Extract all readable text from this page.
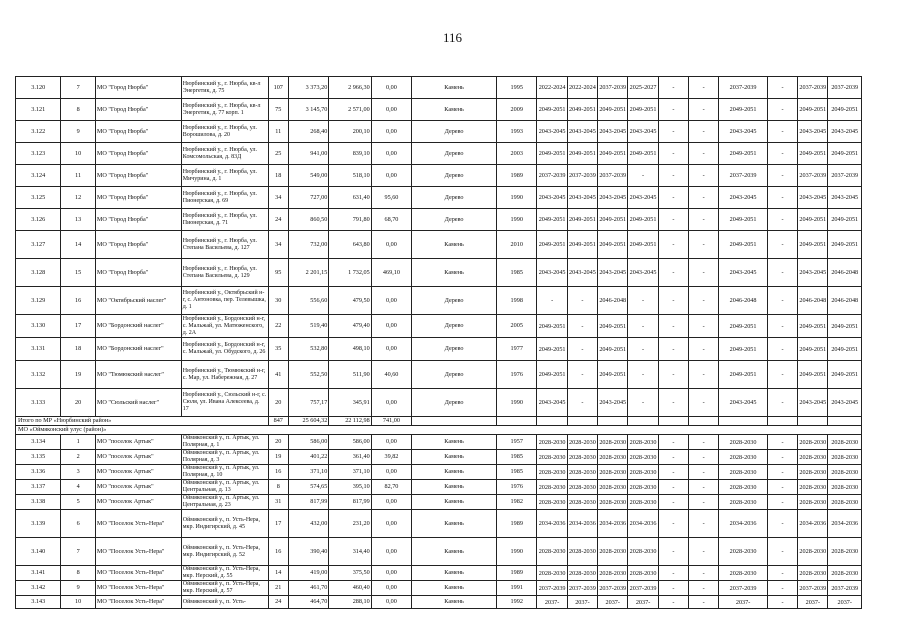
116
3.120	7	МО "Город Нюрба"	Нюрбинский у., г. Нюрба, кв-л Энергетик, д. 75	107	3 373,20	2 966,30	0,00	Камень	1995	2022-2024	2022-2024	2037-2039	2025-2027	-	-	2037-2039	-	2037-2039	2037-2039
3.121	8	МО "Город Нюрба"	Нюрбинский у., г. Нюрба, кв-л Энергетик, д. 77 корп. 1	75	3 145,70	2 571,00	0,00	Камень	2009	2049-2051	2049-2051	2049-2051	2049-2051	-	-	2049-2051	-	2049-2051	2049-2051
3.122	9	МО "Город Нюрба"	Нюрбинский у., г. Нюрба, ул. Ворошилова, д. 20	11	268,40	200,10	0,00	Дерево	1993	2043-2045	2043-2045	2043-2045	2043-2045	-	-	2043-2045	-	2043-2045	2043-2045
3.123	10	МО "Город Нюрба"	Нюрбинский у., г. Нюрба, ул. Комсомольская, д. 83Д	25	941,00	839,10	0,00	Дерево	2003	2049-2051	2049-2051	2049-2051	2049-2051	-	-	2049-2051	-	2049-2051	2049-2051
3.124	11	МО "Город Нюрба"	Нюрбинский у., г. Нюрба, ул. Мичурина, д. 1	18	549,00	518,10	0,00	Дерево	1989	2037-2039	2037-2039	2037-2039	-	-	-	2037-2039	-	2037-2039	2037-2039
3.125	12	МО "Город Нюрба"	Нюрбинский у., г. Нюрба, ул. Пионерская, д. 69	34	727,00	631,40	95,60	Дерево	1990	2043-2045	2043-2045	2043-2045	2043-2045	-	-	2043-2045	-	2043-2045	2043-2045
3.126	13	МО "Город Нюрба"	Нюрбинский у., г. Нюрба, ул. Пионерская, д. 71	24	860,50	791,80	68,70	Дерево	1990	2049-2051	2049-2051	2049-2051	2049-2051	-	-	2049-2051	-	2049-2051	2049-2051
3.127	14	МО "Город Нюрба"	Нюрбинский у., г. Нюрба, ул. Степана Васильева, д. 127	34	732,00	643,80	0,00	Камень	2010	2049-2051	2049-2051	2049-2051	2049-2051	-	-	2049-2051	-	2049-2051	2049-2051
3.128	15	МО "Город Нюрба"	Нюрбинский у., г. Нюрба, ул. Степана Васильева, д. 129	95	2 201,15	1 732,05	469,10	Камень	1985	2043-2045	2043-2045	2043-2045	2043-2045	-	-	2043-2045	-	2043-2045	2046-2048
3.129	16	МО "Октябрьский наслег"	Нюрбинский у., Октябрьский н-г, с. Антоновка, пер. Телевышка, д. 1	30	556,60	479,50	0,00	Дерево	1998	-	-	2046-2048	-	-	-	2046-2048	-	2046-2048	2046-2048
3.130	17	МО "Бордонский наслег"	Нюрбинский у., Бордонский н-г, с. Мальжай, ул. Матюженского, д. 2А	22	519,40	479,40	0,00	Дерево	2005	2049-2051	-	2049-2051	-	-	-	2049-2051	-	2049-2051	2049-2051
3.131	18	МО "Бордонский наслег"	Нюрбинский у., Бордонский н-г, с. Мальжай, ул. Обудского, д. 26	35	532,80	498,10	0,00	Дерево	1977	2049-2051	-	2049-2051	-	-	-	2049-2051	-	2049-2051	2049-2051
3.132	19	МО "Тюмюкский наслег"	Нюрбинский у., Тюмюкский н-г, с. Мар, ул. Набережная, д. 27	41	552,50	511,90	40,60	Дерево	1976	2049-2051	-	2049-2051	-	-	-	2049-2051	-	2049-2051	2049-2051
3.133	20	МО "Сюльский наслег"	Нюрбинский у., Сюльский н-г, с. Сюля, ул. Ивана Алексеева, д. 17	20	757,17	345,91	0,00	Дерево	1990	2043-2045	-	2043-2045	-	-	-	2043-2045	-	2043-2045	2043-2045
Итого по МР «Нюрбинский район»				847	25 604,32	22 112,98	741,00												
МО «Оймяконский улус (район)»																			
3.134	1	МО "поселок Артык"	Оймяконский у., п. Артык, ул. Полярная, д. 1	20	586,00	586,00	0,00	Камень	1957	2028-2030	2028-2030	2028-2030	2028-2030	-	-	2028-2030	-	2028-2030	2028-2030
3.135	2	МО "поселок Артык"	Оймяконский у., п. Артык, ул. Полярная, д. 3	19	401,22	361,40	39,82	Камень	1985	2028-2030	2028-2030	2028-2030	2028-2030	-	-	2028-2030	-	2028-2030	2028-2030
3.136	3	МО "поселок Артык"	Оймяконский у., п. Артык, ул. Полярная, д. 10	16	371,10	371,10	0,00	Камень	1985	2028-2030	2028-2030	2028-2030	2028-2030	-	-	2028-2030	-	2028-2030	2028-2030
3.137	4	МО "поселок Артык"	Оймяконский у., п. Артык, ул. Центральная, д. 13	8	574,65	395,10	82,70	Камень	1976	2028-2030	2028-2030	2028-2030	2028-2030	-	-	2028-2030	-	2028-2030	2028-2030
3.138	5	МО "поселок Артык"	Оймяконский у., п. Артык, ул. Центральная, д. 23	31	817,99	817,99	0,00	Камень	1982	2028-2030	2028-2030	2028-2030	2028-2030	-	-	2028-2030	-	2028-2030	2028-2030
3.139	6	МО "Поселок Усть-Нера"	Оймяконский у., п. Усть-Нера, мкр. Индигирский, д. 45	17	432,00	231,20	0,00	Камень	1989	2034-2036	2034-2036	2034-2036	2034-2036	-	-	2034-2036	-	2034-2036	2034-2036
3.140	7	МО "Поселок Усть-Нера"	Оймяконский у., п. Усть-Нера, мкр. Индигирский, д. 52	16	390,40	314,40	0,00	Камень	1990	2028-2030	2028-2030	2028-2030	2028-2030	-	-	2028-2030	-	2028-2030	2028-2030
3.141	8	МО "Поселок Усть-Нера"	Оймяконский у., п. Усть-Нера, мкр. Нерский, д. 55	14	419,00	375,50	0,00	Камень	1989	2028-2030	2028-2030	2028-2030	2028-2030	-	-	2028-2030	-	2028-2030	2028-2030
3.142	9	МО "Поселок Усть-Нера"	Оймяконский у., п. Усть-Нера, мкр. Нерский, д. 57	21	461,70	460,40	0,00	Камень	1991	2037-2039	2037-2039	2037-2039	2037-2039	-	-	2037-2039	-	2037-2039	2037-2039
3.143	10	МО "Поселок Усть-Нера"	Оймяконский у., п. Усть-	24	464,70	288,10	0,00	Камень	1992	2037-	2037-	2037-	2037-	-	-	2037-	-	2037-	2037-
